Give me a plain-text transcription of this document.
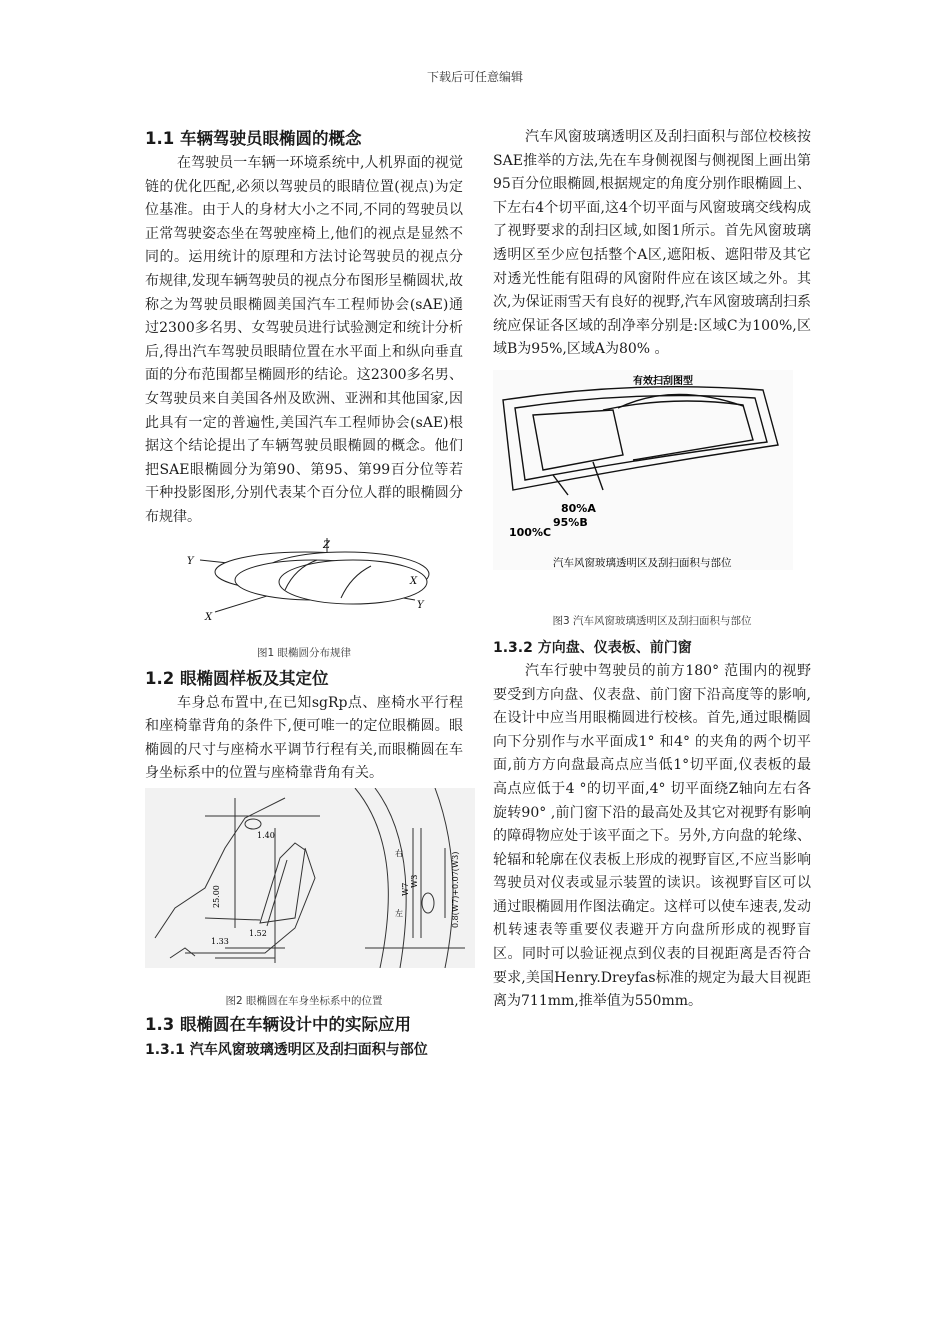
下载后可任意编辑
1.1 车辆驾驶员眼椭圆的概念

在驾驶员一车辆一环境系统中,人机界面的视觉链的优化匹配,必须以驾驶员的眼睛位置(视点)为定位基准。由于人的身材大小之不同,不同的驾驶员以正常驾驶姿态坐在驾驶座椅上,他们的视点是显然不同的。运用统计的原理和方法讨论驾驶员的视点分布规律,发现车辆驾驶员的视点分布图形呈椭圆状,故称之为驾驶员眼椭圆美国汽车工程师协会(sAE)通过2300多名男、女驾驶员进行试验测定和统计分析后,得出汽车驾驶员眼睛位置在水平面上和纵向垂直面的分布范围都呈椭圆形的结论。这2300多名男、女驾驶员来自美国各州及欧洲、亚洲和其他国家,因此具有一定的普遍性,美国汽车工程师协会(sAE)根据这个结论提出了车辆驾驶员眼椭圆的概念。他们把SAE眼椭圆分为第90、第95、第99百分位等若干种投影图形,分别代表某个百分位人群的眼椭圆分布规律。

Z
Y
X
X
Y
图1 眼椭圆分布规律
1.2 眼椭圆样板及其定位

车身总布置中,在已知sgRp点、座椅水平行程和座椅靠背角的条件下,便可唯一的定位眼椭圆。眼椭圆的尺寸与座椅水平调节行程有关,而眼椭圆在车身坐标系中的位置与座椅靠背角有关。

25.00
1.33
1.52
1.40
W3	0.8(W7)+0.07(W3)
右
左
W7
图2 眼椭圆在车身坐标系中的位置
1.3 眼椭圆在车辆设计中的实际应用
1.3.1 汽车风窗玻璃透明区及刮扫面积与部位

汽车风窗玻璃透明区及刮扫面积与部位校核按SAE推举的方法,先在车身侧视图与侧视图上画出第95百分位眼椭圆,根据规定的角度分别作眼椭圆上、下左右4个切平面,这4个切平面与风窗玻璃交线构成了视野要求的刮扫区域,如图1所示。首先风窗玻璃透明区至少应包括整个A区,遮阳板、遮阳带及其它对透光性能有阻碍的风窗附件应在该区域之外。其次,为保证雨雪天有良好的视野,汽车风窗玻璃刮扫系统应保证各区域的刮净率分别是:区域C为100%,区域B为95%,区域A为80% 。

有效扫刮图型
80%A
95%B
100%C
汽车风窗玻璃透明区及刮扫面积与部位
图3 汽车风窗玻璃透明区及刮扫面积与部位
1.3.2 方向盘、仪表板、前门窗

汽车行驶中驾驶员的前方180° 范围内的视野要受到方向盘、仪表盘、前门窗下沿高度等的影响,在设计中应当用眼椭圆进行校核。首先,通过眼椭圆向下分别作与水平面成1° 和4° 的夹角的两个切平面,前方方向盘最高点应当低1°切平面,仪表板的最高点应低于4 °的切平面,4° 切平面绕Z轴向左右各旋转90° ,前门窗下沿的最高处及其它对视野有影响的障碍物应处于该平面之下。另外,方向盘的轮缘、轮辐和轮廓在仪表板上形成的视野盲区,不应当影响驾驶员对仪表或显示装置的读识。该视野盲区可以通过眼椭圆用作图法确定。这样可以使车速表,发动机转速表等重要仪表避开方向盘所形成的视野盲区。同时可以验证视点到仪表的目视距离是否符合要求,美国Henry.Dreyfas标准的规定为最大目视距离为711mm,推举值为550mm。
